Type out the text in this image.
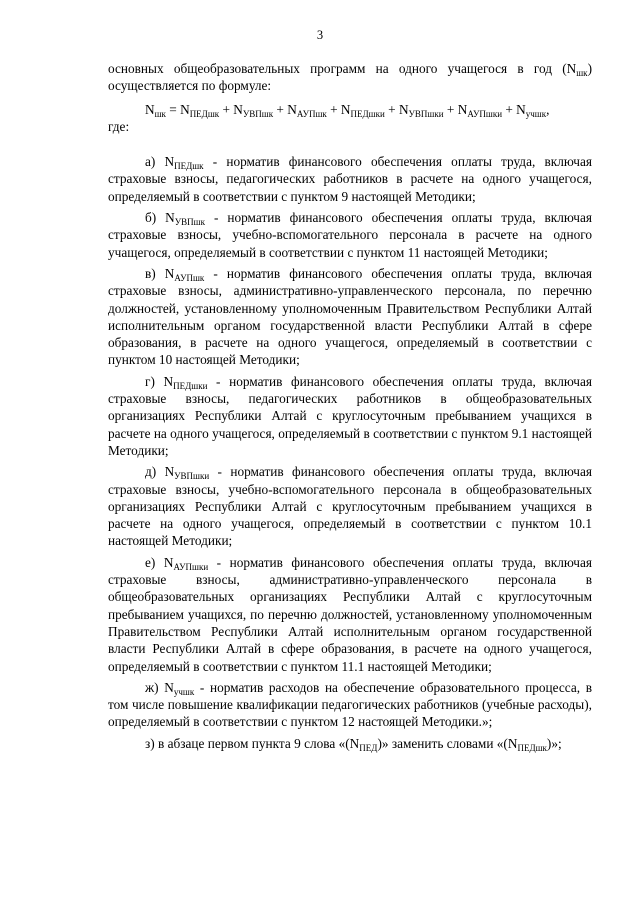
3

основных общеобразовательных программ на одного учащегося в год $(N_{шк})$ осуществляется по формуле:

$N_{шк} = N_{ПЕДшк} + N_{УВПшк} + N_{АУПшк} + N_{ПЕДшки} + N_{УВПшки} + N_{АУПшки} + N_{учшк}$,

где:

а) $N_{ПЕДшк}$ - норматив финансового обеспечения оплаты труда, включая страховые взносы, педагогических работников в расчете на одного учащегося, определяемый в соответствии с пунктом 9 настоящей Методики;

б) $N_{УВПшк}$ - норматив финансового обеспечения оплаты труда, включая страховые взносы, учебно-вспомогательного персонала в расчете на одного учащегося, определяемый в соответствии с пунктом 11 настоящей Методики;

в) $N_{АУПшк}$ - норматив финансового обеспечения оплаты труда, включая страховые взносы, административно-управленческого персонала, по перечню должностей, установленному уполномоченным Правительством Республики Алтай исполнительным органом государственной власти Республики Алтай в сфере образования, в расчете на одного учащегося, определяемый в соответствии с пунктом 10 настоящей Методики;

г) $N_{ПЕДшки}$ - норматив финансового обеспечения оплаты труда, включая страховые взносы, педагогических работников в общеобразовательных организациях Республики Алтай с круглосуточным пребыванием учащихся в расчете на одного учащегося, определяемый в соответствии с пунктом 9.1 настоящей Методики;

д) $N_{УВПшки}$ - норматив финансового обеспечения оплаты труда, включая страховые взносы, учебно-вспомогательного персонала в общеобразовательных организациях Республики Алтай с круглосуточным пребыванием учащихся в расчете на одного учащегося, определяемый в соответствии с пунктом 10.1 настоящей Методики;

е) $N_{АУПшки}$ - норматив финансового обеспечения оплаты труда, включая страховые взносы, административно-управленческого персонала в общеобразовательных организациях Республики Алтай с круглосуточным пребыванием учащихся, по перечню должностей, установленному уполномоченным Правительством Республики Алтай исполнительным органом государственной власти Республики Алтай в сфере образования, в расчете на одного учащегося, определяемый в соответствии с пунктом 11.1 настоящей Методики;

ж) $N_{учшк}$ - норматив расходов на обеспечение образовательного процесса, в том числе повышение квалификации педагогических работников (учебные расходы), определяемый в соответствии с пунктом 12 настоящей Методики.»;

з) в абзаце первом пункта 9 слова «$(N_{ПЕД})$» заменить словами «$(N_{ПЕДшк})$»;
